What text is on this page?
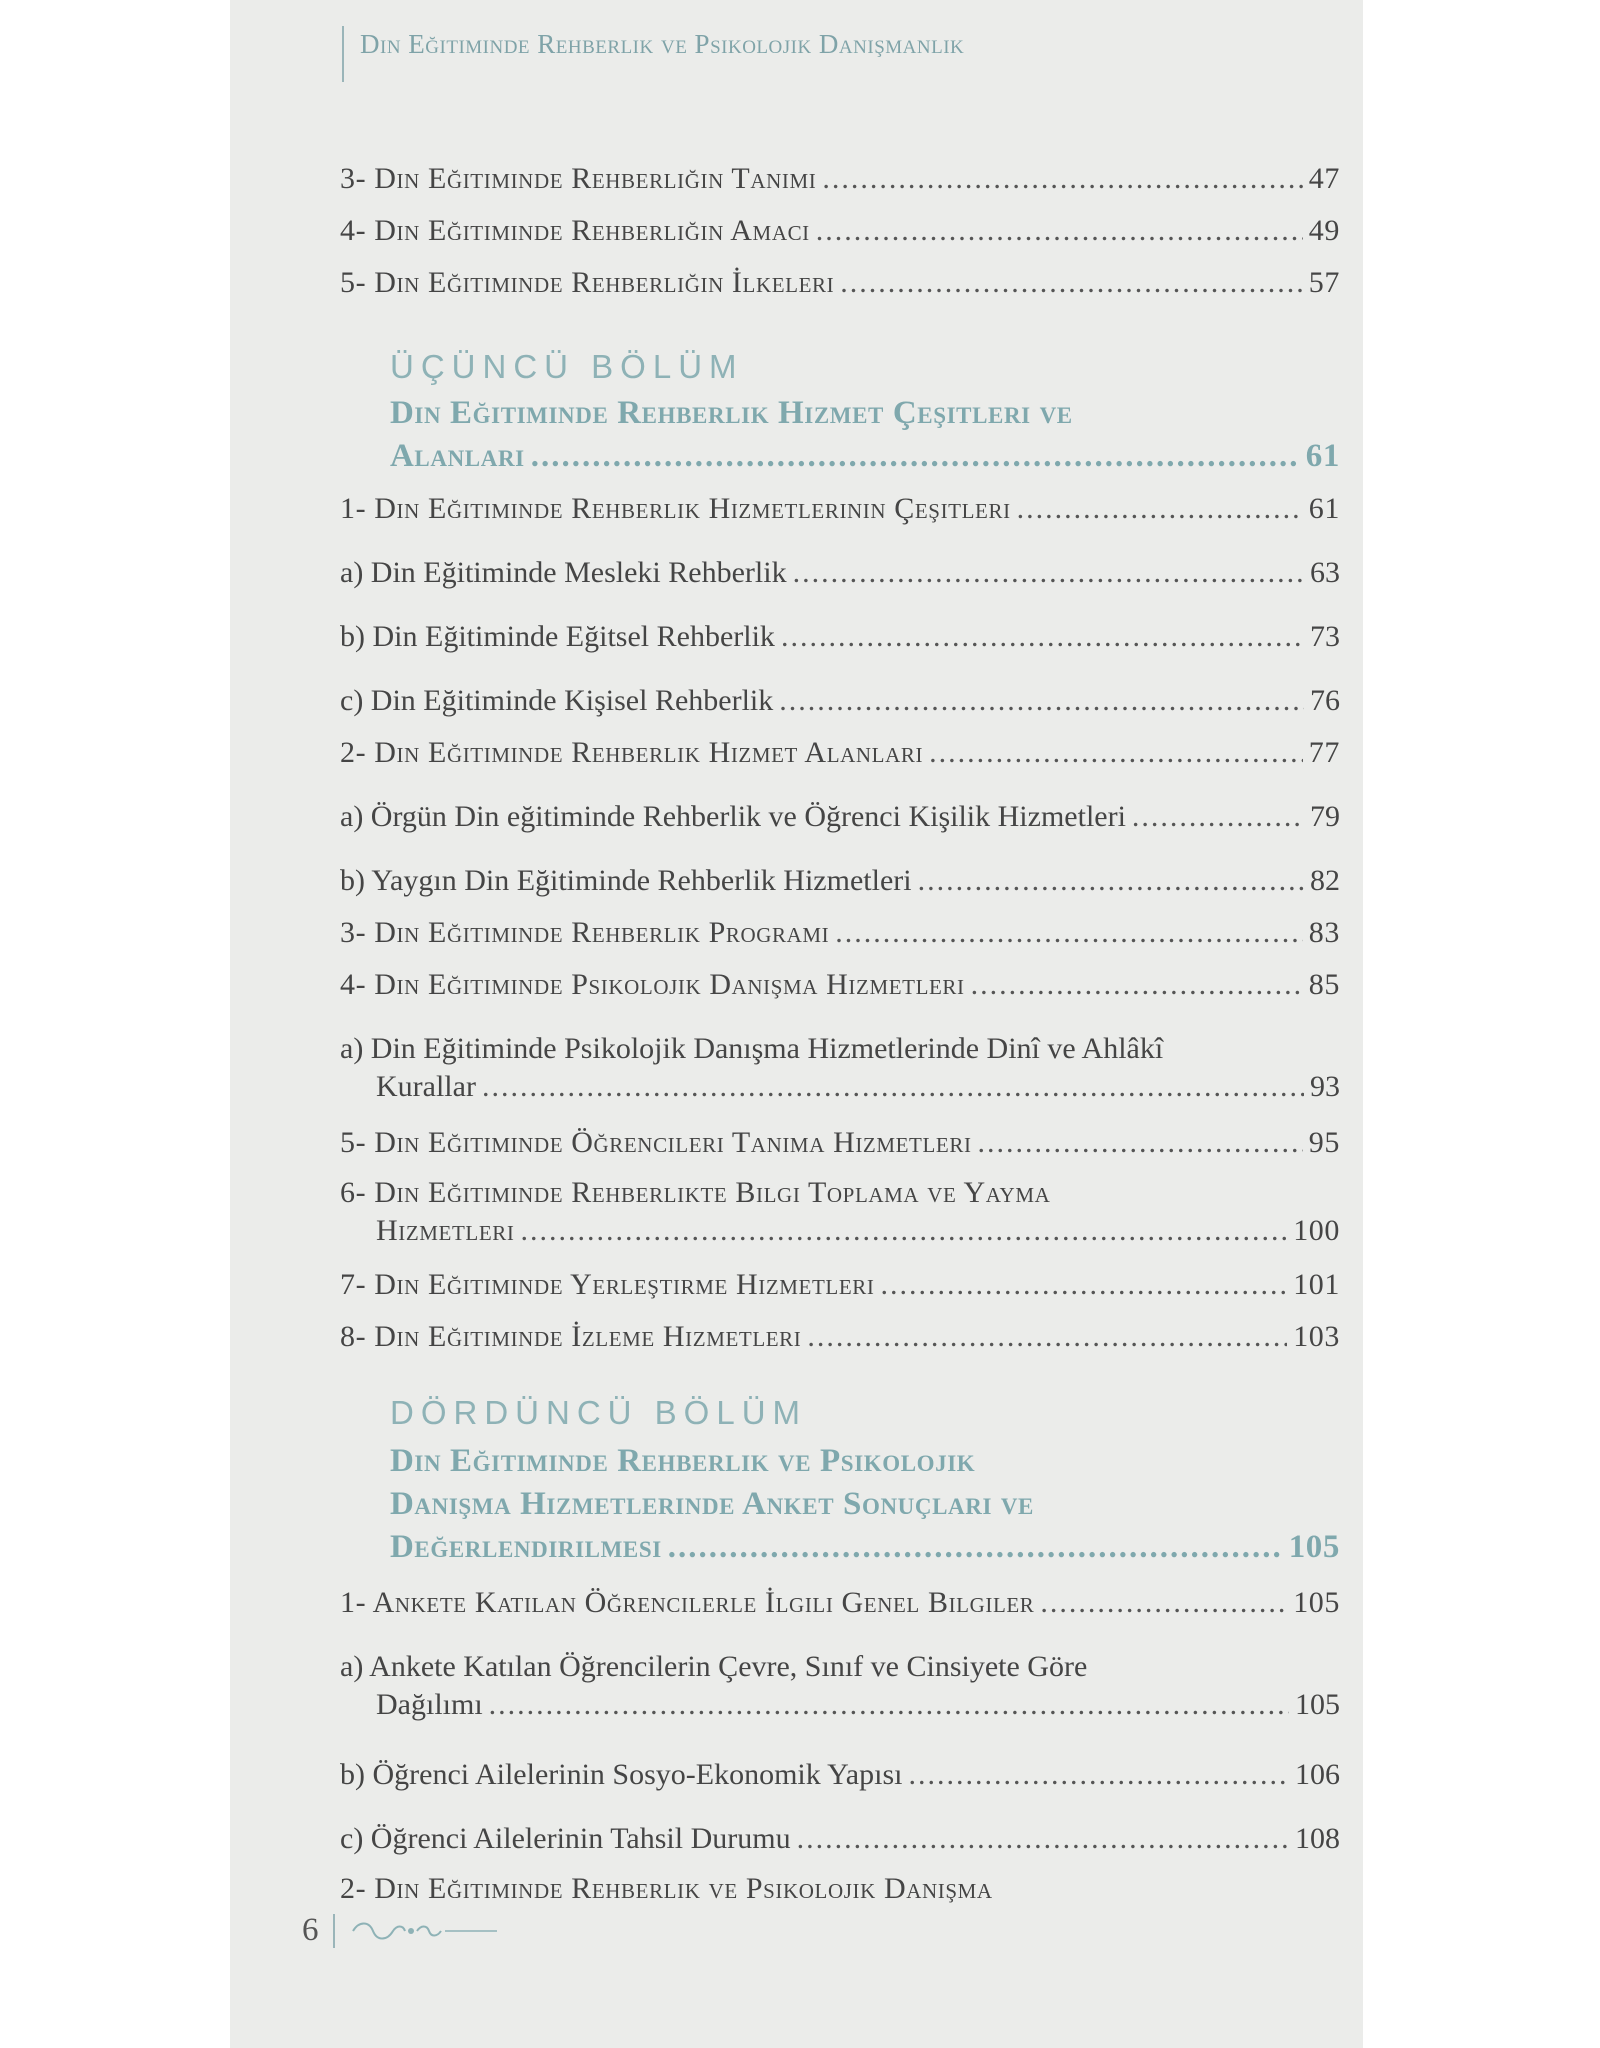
Din Eğitiminde Rehberlik ve Psikolojik Danışmanlık
3- Din Eğitiminde Rehberliğin Tanımı .....	47
4- Din Eğitiminde Rehberliğin Amacı .....	49
5- Din Eğitiminde Rehberliğin İlkeleri .....	57
ÜÇÜNCÜ BÖLÜM
Din Eğitiminde Rehberlik Hizmet Çeşitleri ve
Alanları .....	61
1- Din Eğitiminde Rehberlik Hizmetlerinin Çeşitleri .....	61
a) Din Eğitiminde Mesleki Rehberlik .....	63
b) Din Eğitiminde Eğitsel Rehberlik .....	73
c) Din Eğitiminde Kişisel Rehberlik .....	76
2- Din Eğitiminde Rehberlik Hizmet Alanları .....	77
a) Örgün Din eğitiminde Rehberlik ve Öğrenci Kişilik Hizmetleri .....	79
b) Yaygın Din Eğitiminde Rehberlik Hizmetleri .....	82
3- Din Eğitiminde Rehberlik Programı .....	83
4- Din Eğitiminde Psikolojik Danışma Hizmetleri .....	85
a) Din Eğitiminde Psikolojik Danışma Hizmetlerinde Dinî ve Ahlâkî
Kurallar .....	93
5- Din Eğitiminde Öğrencileri Tanıma Hizmetleri .....	95
6- Din Eğitiminde Rehberlikte Bilgi Toplama ve Yayma
Hizmetleri .....	100
7- Din Eğitiminde Yerleştirme Hizmetleri .....	101
8- Din Eğitiminde İzleme Hizmetleri .....	103
DÖRDÜNCÜ BÖLÜM
Din Eğitiminde Rehberlik ve Psikolojik
Danışma Hizmetlerinde Anket Sonuçları ve
Değerlendirilmesi .....	105
1- Ankete Katılan Öğrencilerle İlgili Genel Bilgiler .....	105
a) Ankete Katılan Öğrencilerin Çevre, Sınıf ve Cinsiyete Göre
Dağılımı .....	105
b) Öğrenci Ailelerinin Sosyo-Ekonomik Yapısı .....	106
c) Öğrenci Ailelerinin Tahsil Durumu .....	108
2- Din Eğitiminde Rehberlik ve Psikolojik Danışma
6
